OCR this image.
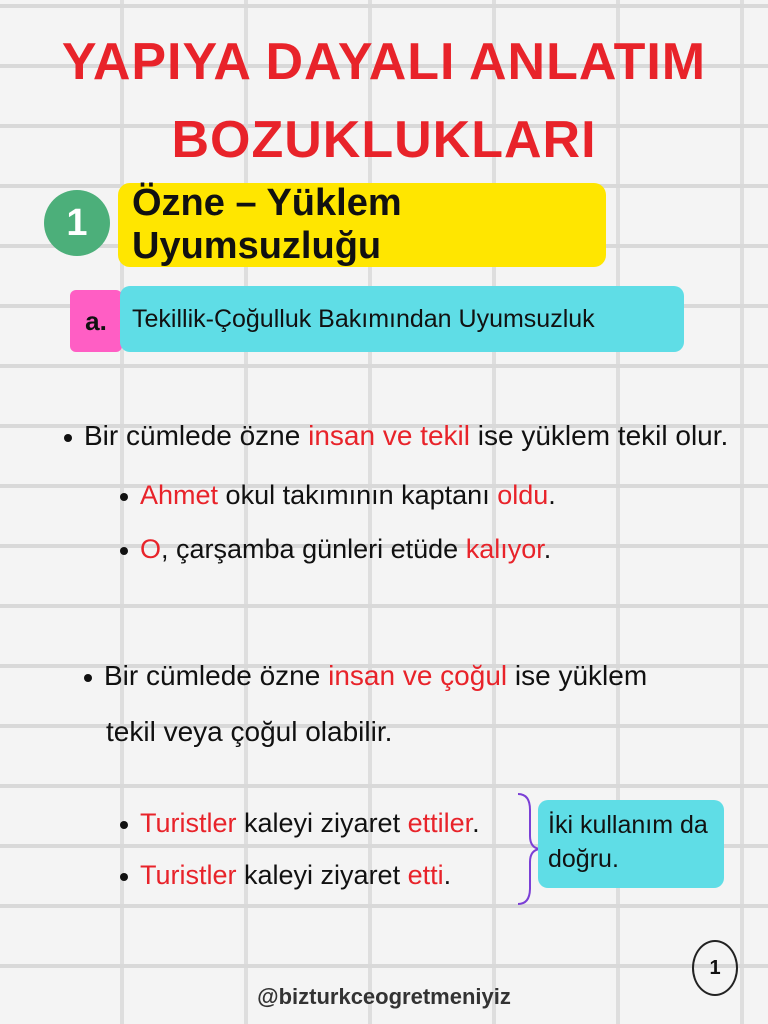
YAPIYA DAYALI ANLATIM
BOZUKLUKLARI
1	Özne – Yüklem Uyumsuzluğu
a.	Tekillik-Çoğulluk Bakımından Uyumsuzluk
Bir cümlede özne insan ve tekil ise yüklem tekil olur.
Ahmet okul takımının kaptanı oldu.
O, çarşamba günleri etüde kalıyor.
Bir cümlede özne insan ve çoğul ise yüklem
tekil veya çoğul olabilir.
Turistler kaleyi ziyaret ettiler.
Turistler kaleyi ziyaret etti.
İki kullanım da
doğru.
1
@bizturkceogretmeniyiz
